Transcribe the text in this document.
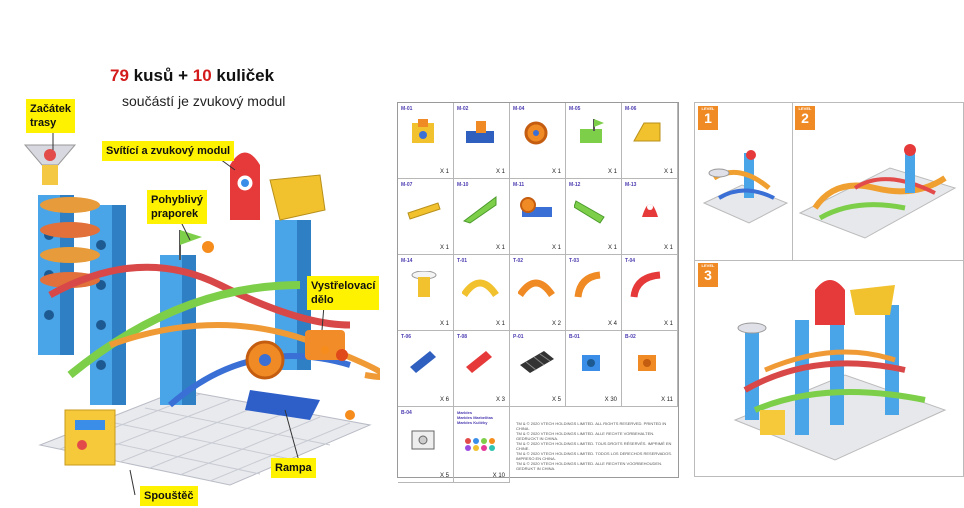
79 kusů + 10 kuliček
součástí je zvukový modul
Začátek
trasy
Svítící a zvukový modul
Pohyblivý
praporek
Vystřelovací
dělo
Rampa
Spouštěč
M-01
X 1
M-02
X 1
M-04
X 1
M-05
X 1
M-06
X 1
M-07
X 1
M-10
X 1
M-11
X 1
M-12
X 1
M-13
X 1
M-14
X 1
T-01
X 1
T-02
X 2
T-03
X 4
T-04
X 1
T-06
X 6
T-08
X 3
P-01
X 5
B-01
X 30
B-02
X 11
B-04
X 5
Marbles
Marbles Marbelitas
Marbles Kuličky
X 10
TM & © 2020 VTECH HOLDINGS LIMITED. ALL RIGHTS RESERVED. PRINTED IN CHINA.
TM & © 2020 VTECH HOLDINGS LIMITED. ALLE RECHTE VORBEHALTEN. GEDRUCKT IN CHINA.
TM & © 2020 VTECH HOLDINGS LIMITED. TOUS DROITS RÉSERVÉS. IMPRIMÉ EN CHINE.
TM & © 2020 VTECH HOLDINGS LIMITED. TODOS LOS DERECHOS RESERVADOS. IMPRESO EN CHINA.
TM & © 2020 VTECH HOLDINGS LIMITED. ALLE RECHTEN VOORBEHOUDEN. GEDRUKT IN CHINA.
LEVEL
1
LEVEL
2
LEVEL
3
